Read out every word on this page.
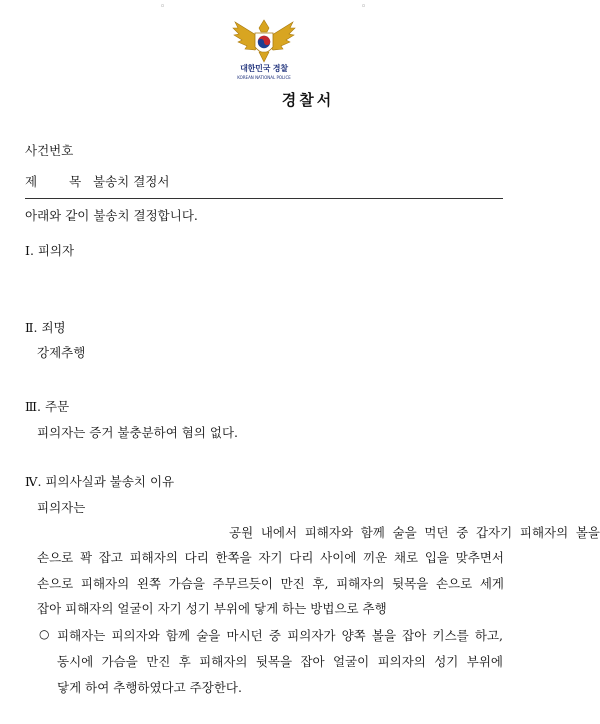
◦	◦
대한민국 경찰
KOREAN NATIONAL POLICE
경찰서
사건번호
제목
불송치 결정서
아래와 같이 불송치 결정합니다.
Ⅰ. 피의자
Ⅱ. 죄명
강제추행
Ⅲ. 주문
피의자는 증거 불충분하여 혐의 없다.
Ⅳ. 피의사실과 불송치 이유
피의자는
공원 내에서 피해자와 함께 술을 먹던 중 갑자기 피해자의 볼을
손으로 꽉 잡고 피해자의 다리 한쪽을 자기 다리 사이에 끼운 채로 입을 맞추면서
손으로 피해자의 왼쪽 가슴을 주무르듯이 만진 후, 피해자의 뒷목을 손으로 세게
잡아 피해자의 얼굴이 자기 성기 부위에 닿게 하는 방법으로 추행
○ 피해자는 피의자와 함께 술을 마시던 중 피의자가 양쪽 볼을 잡아 키스를 하고,
동시에 가슴을 만진 후 피해자의 뒷목을 잡아 얼굴이 피의자의 성기 부위에
닿게 하여 추행하였다고 주장한다.
